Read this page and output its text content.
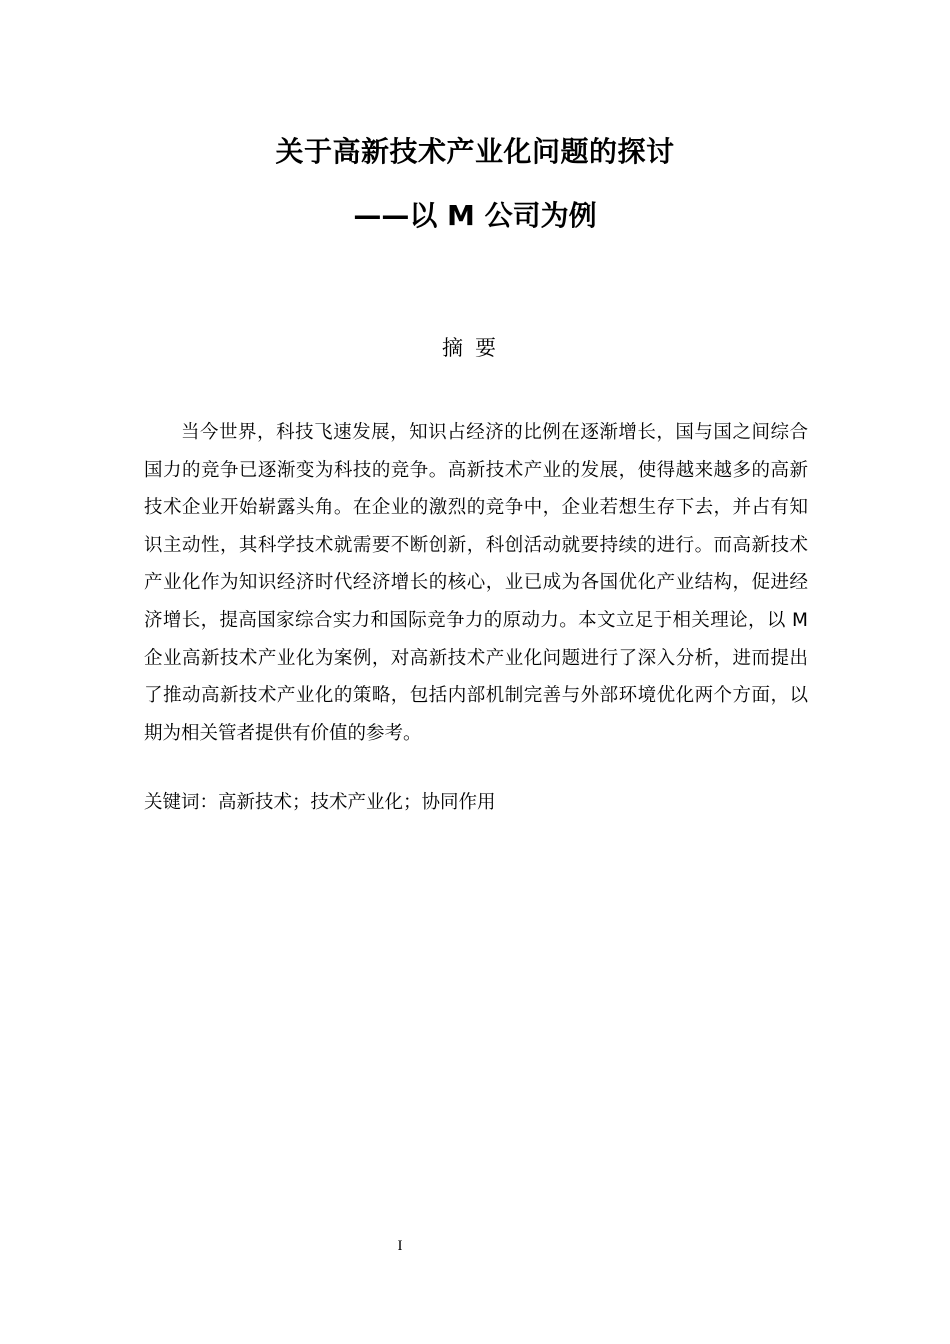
关于高新技术产业化问题的探讨
——以 M 公司为例
摘要

当今世界，科技飞速发展，知识占经济的比例在逐渐增长，国与国之间综合国力的竞争已逐渐变为科技的竞争。高新技术产业的发展，使得越来越多的高新技术企业开始崭露头角。在企业的激烈的竞争中，企业若想生存下去，并占有知识主动性，其科学技术就需要不断创新，科创活动就要持续的进行。而高新技术产业化作为知识经济时代经济增长的核心，业已成为各国优化产业结构，促进经济增长，提高国家综合实力和国际竞争力的原动力。本文立足于相关理论，以 M 企业高新技术产业化为案例，对高新技术产业化问题进行了深入分析，进而提出了推动高新技术产业化的策略，包括内部机制完善与外部环境优化两个方面，以期为相关管者提供有价值的参考。

关键词：高新技术；技术产业化；协同作用
I
